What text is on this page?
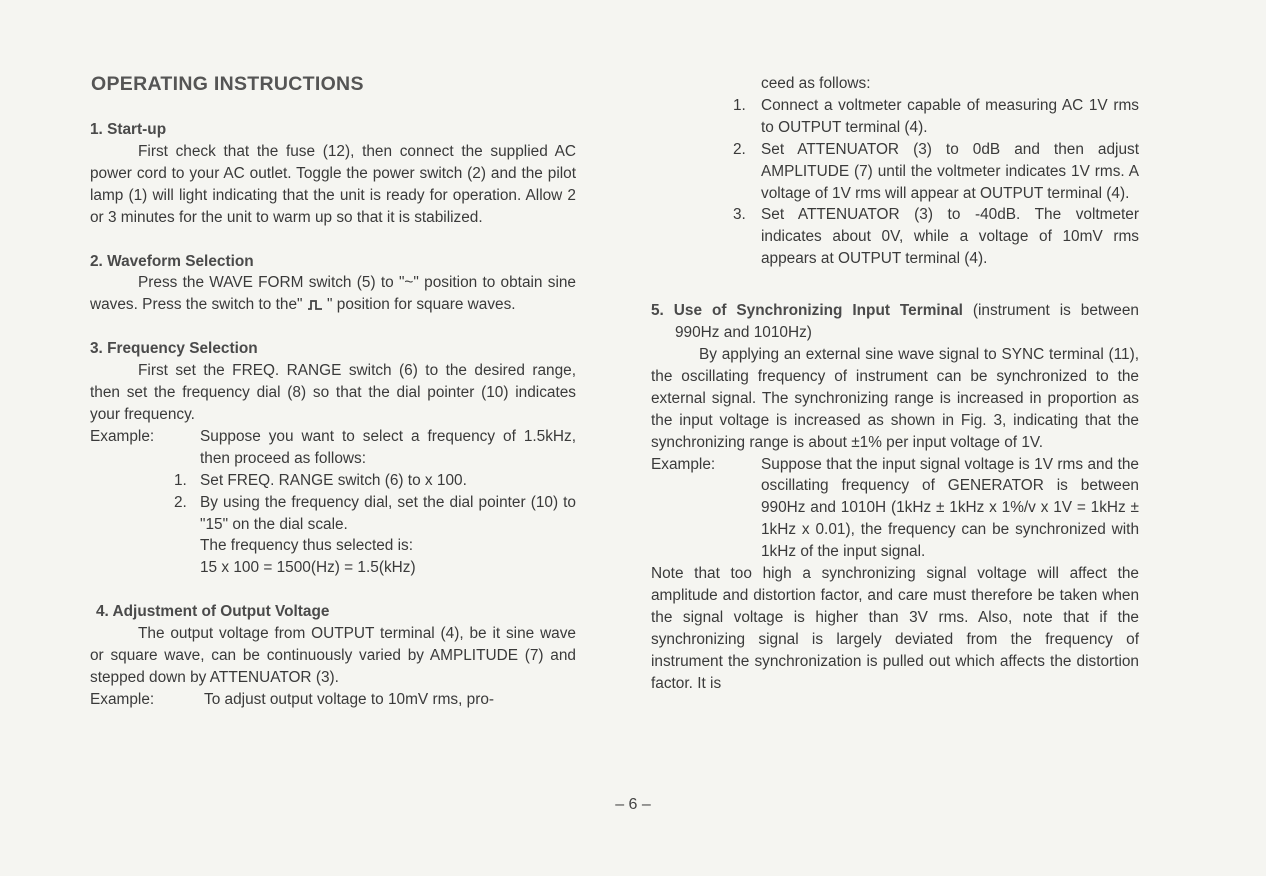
OPERATING INSTRUCTIONS

1. Start-up

First check that the fuse (12), then connect the supplied AC power cord to your AC outlet. Toggle the power switch (2) and the pilot lamp (1) will light indicating that the unit is ready for operation. Allow 2 or 3 minutes for the unit to warm up so that it is stabilized.

2. Waveform Selection

Press the WAVE FORM switch (5) to "~" position to obtain sine waves. Press the switch to the" " position for square waves.

3. Frequency Selection

First set the FREQ. RANGE switch (6) to the desired range, then set the frequency dial (8) so that the dial pointer (10) indicates your frequency.

Example:	Suppose you want to select a frequency of 1.5kHz, then proceed as follows:

1. Set FREQ. RANGE switch (6) to x 100.
2. By using the frequency dial, set the dial pointer (10) to "15" on the dial scale.

The frequency thus selected is:

15 x 100 = 1500(Hz) = 1.5(kHz)

4. Adjustment of Output Voltage

The output voltage from OUTPUT terminal (4), be it sine wave or square wave, can be continuously varied by AMPLITUDE (7) and stepped down by ATTENUATOR (3).

Example:	To adjust output voltage to 10mV rms, pro-

ceed as follows:

1. Connect a voltmeter capable of measuring AC 1V rms to OUTPUT terminal (4).
2. Set ATTENUATOR (3) to 0dB and then adjust AMPLITUDE (7) until the voltmeter indicates 1V rms. A voltage of 1V rms will appear at OUTPUT terminal (4).
3. Set ATTENUATOR (3) to -40dB. The voltmeter indicates about 0V, while a voltage of 10mV rms appears at OUTPUT terminal (4).

5. Use of Synchronizing Input Terminal (instrument is between 990Hz and 1010Hz)

By applying an external sine wave signal to SYNC terminal (11), the oscillating frequency of instrument can be synchronized to the external signal. The synchronizing range is increased in proportion as the input voltage is increased as shown in Fig. 3, indicating that the synchronizing range is about ±1% per input voltage of 1V.

Example:	Suppose that the input signal voltage is 1V rms and the oscillating frequency of GENERATOR is between 990Hz and 1010H (1kHz ± 1kHz x 1%/v x 1V = 1kHz ± 1kHz x 0.01), the frequency can be synchronized with 1kHz of the input signal.

Note that too high a synchronizing signal voltage will affect the amplitude and distortion factor, and care must therefore be taken when the signal voltage is higher than 3V rms. Also, note that if the synchronizing signal is largely deviated from the frequency of instrument the synchronization is pulled out which affects the distortion factor. It is

– 6 –
